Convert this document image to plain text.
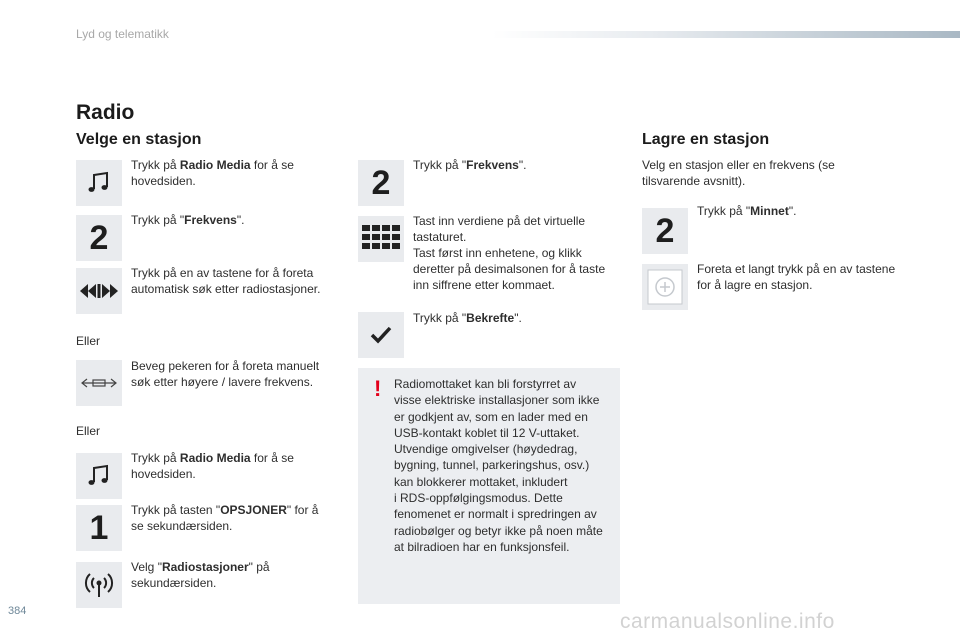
Lyd og telematikk
Radio
Velge en stasjon
Trykk på Radio Media for å se hovedsiden.
2	Trykk på "Frekvens".
Trykk på en av tastene for å foreta automatisk søk etter radiostasjoner.
Eller
Beveg pekeren for å foreta manuelt søk etter høyere / lavere frekvens.
Eller
Trykk på Radio Media for å se hovedsiden.
1	Trykk på tasten "OPSJONER" for å se sekundærsiden.
Velg "Radiostasjoner" på sekundærsiden.
2	Trykk på "Frekvens".
Tast inn verdiene på det virtuelle tastaturet.
Tast først inn enhetene, og klikk deretter på desimalsonen for å taste inn siffrene etter kommaet.
Trykk på "Bekrefte".
! Radiomottaket kan bli forstyrret av
visse elektriske installasjoner som ikke
er godkjent av, som en lader med en
USB-kontakt koblet til 12 V-uttaket.
Utvendige omgivelser (høydedrag,
bygning, tunnel, parkeringshus, osv.)
kan blokkerer mottaket, inkludert
i RDS-oppfølgingsmodus. Dette
fenomenet er normalt i spredringen av
radiobølger og betyr ikke på noen måte
at bilradioen har en funksjonsfeil.
Lagre en stasjon
Velg en stasjon eller en frekvens (se tilsvarende avsnitt).
2
Trykk på "Minnet".
Foreta et langt trykk på en av tastene for å lagre en stasjon.
384	carmanualsonline.info
